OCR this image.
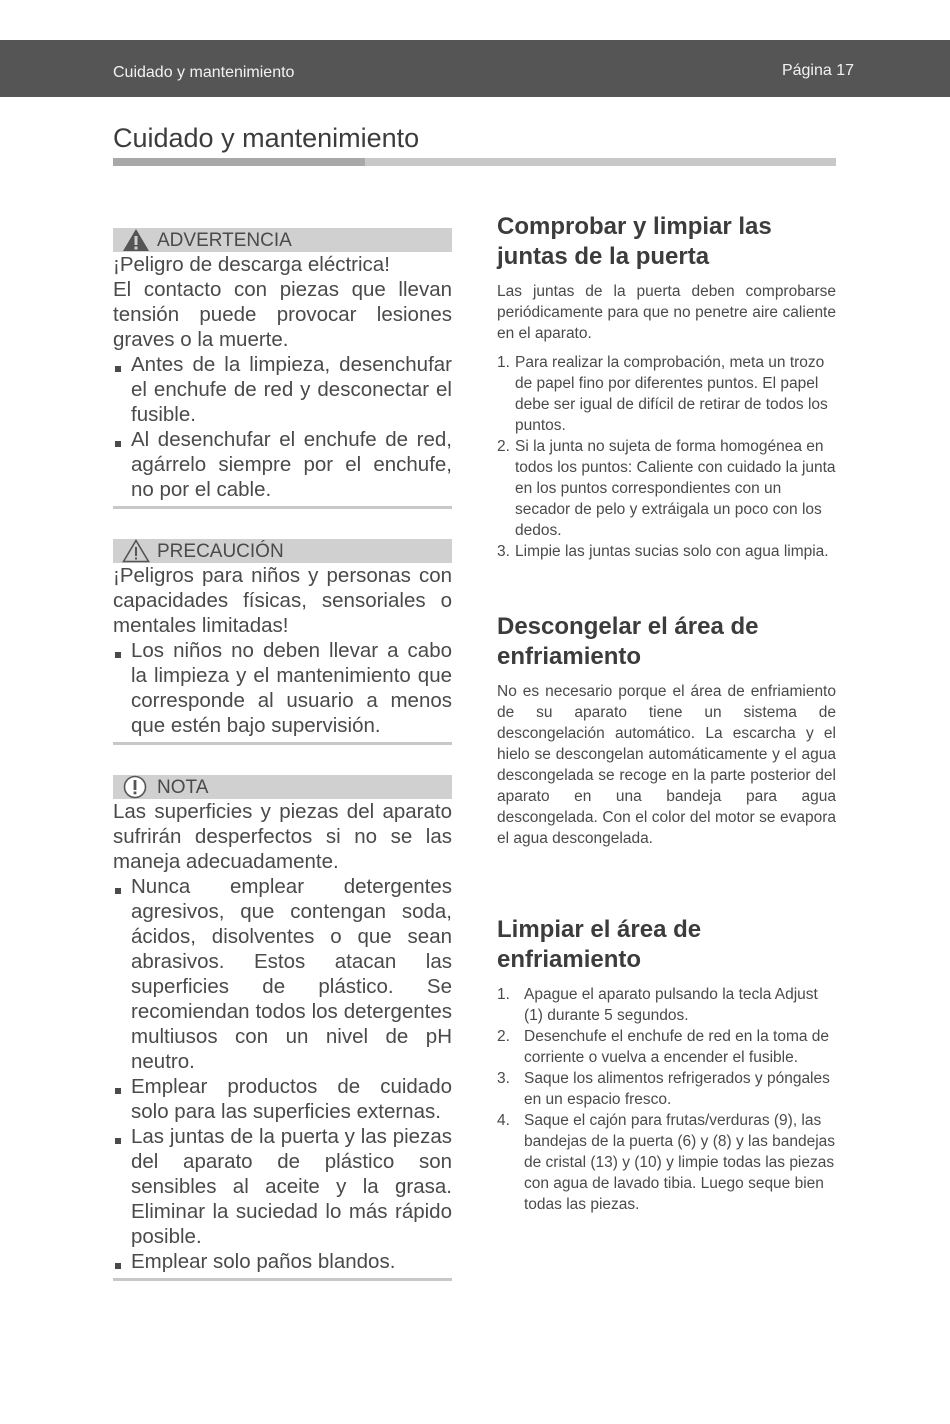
Cuidado y mantenimiento	Página 17
Cuidado y mantenimiento
ADVERTENCIA

¡Peligro de descarga eléctrica!

El contacto con piezas que llevan tensión puede provocar lesiones graves o la muerte.

Antes de la limpieza, desenchufar el enchufe de red y desconectar el fusible.
Al desenchufar el enchufe de red, agárrelo siempre por el enchufe, no por el cable.
PRECAUCIÓN

¡Peligros para niños y personas con capacidades físicas, sensoriales o mentales limitadas!

Los niños no deben llevar a cabo la limpieza y el mantenimiento que corresponde al usuario a menos que estén bajo supervisión.
NOTA

Las superficies y piezas del aparato sufrirán desperfectos si no se las maneja adecuadamente.

Nunca emplear detergentes agresivos, que contengan soda, ácidos, disolventes o que sean abrasivos. Estos atacan las superficies de plástico. Se recomiendan todos los detergentes multiusos con un nivel de pH neutro.
Emplear productos de cuidado solo para las superficies externas.
Las juntas de la puerta y las piezas del aparato de plástico son sensibles al aceite y la grasa. Eliminar la suciedad lo más rápido posible.
Emplear solo paños blandos.
Comprobar y limpiar las juntas de la puerta

Las juntas de la puerta deben comprobarse periódicamente para que no penetre aire caliente en el aparato.

1. Para realizar la comprobación, meta un trozo de papel fino por diferentes puntos. El papel debe ser igual de difícil de retirar de todos los puntos.
2. Si la junta no sujeta de forma homogénea en todos los puntos: Caliente con cuidado la junta en los puntos correspondientes con un secador de pelo y extráigala un poco con los dedos.
3. Limpie las juntas sucias solo con agua limpia.
Descongelar el área de enfriamiento

No es necesario porque el área de enfriamiento de su aparato tiene un sistema de descongelación automático. La escarcha y el hielo se descongelan automáticamente y el agua descongelada se recoge en la parte posterior del aparato en una bandeja para agua descongelada. Con el color del motor se evapora el agua descongelada.

Limpiar el área de enfriamiento
1. Apague el aparato pulsando la tecla Adjust (1) durante 5 segundos.
2. Desenchufe el enchufe de red en la toma de corriente o vuelva a encender el fusible.
3. Saque los alimentos refrigerados y póngales en un espacio fresco.
4. Saque el cajón para frutas/verduras (9), las bandejas de la puerta (6) y (8) y las bandejas de cristal (13) y (10) y limpie todas las piezas con agua de lavado tibia. Luego seque bien todas las piezas.
